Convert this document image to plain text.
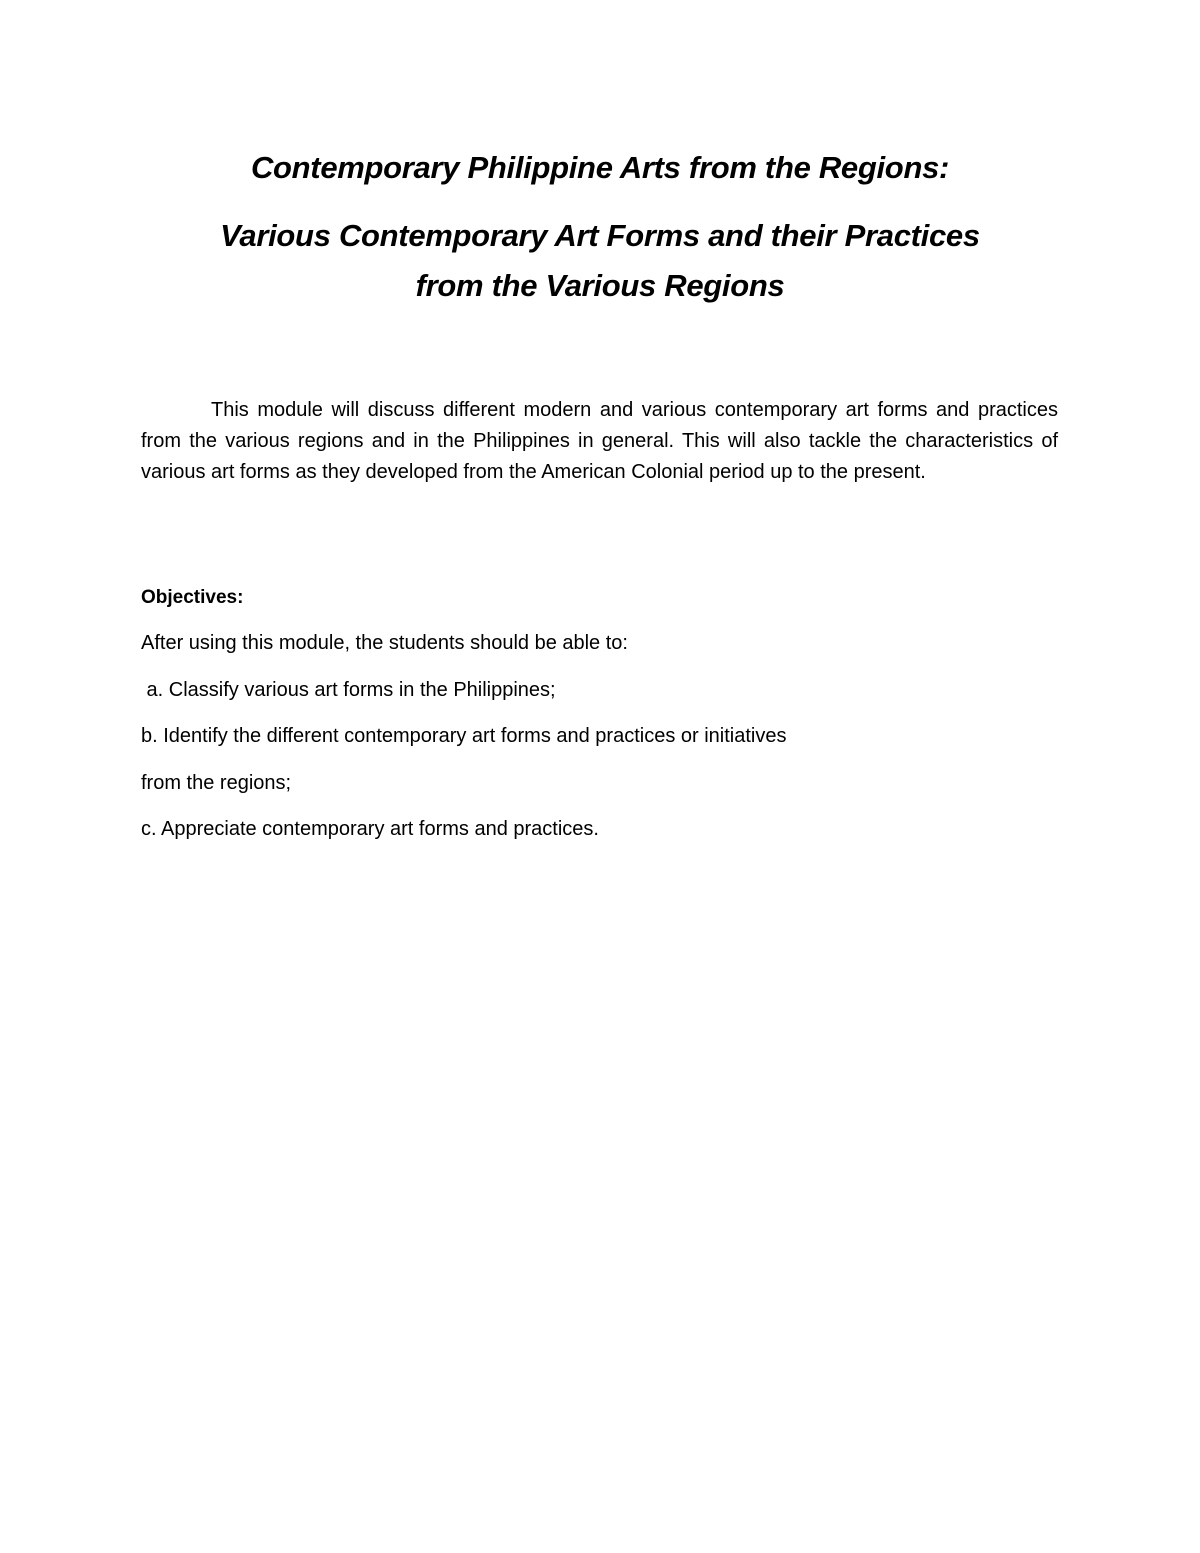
Contemporary Philippine Arts from the Regions:
Various Contemporary Art Forms and their Practices
from the Various Regions

This module will discuss different modern and various contemporary art forms and practices from the various regions and in the Philippines in general. This will also tackle the characteristics of various art forms as they developed from the American Colonial period up to the present.

Objectives:

After using this module, the students should be able to:

a. Classify various art forms in the Philippines;

b. Identify the different contemporary art forms and practices or initiatives

from the regions;

c. Appreciate contemporary art forms and practices.
